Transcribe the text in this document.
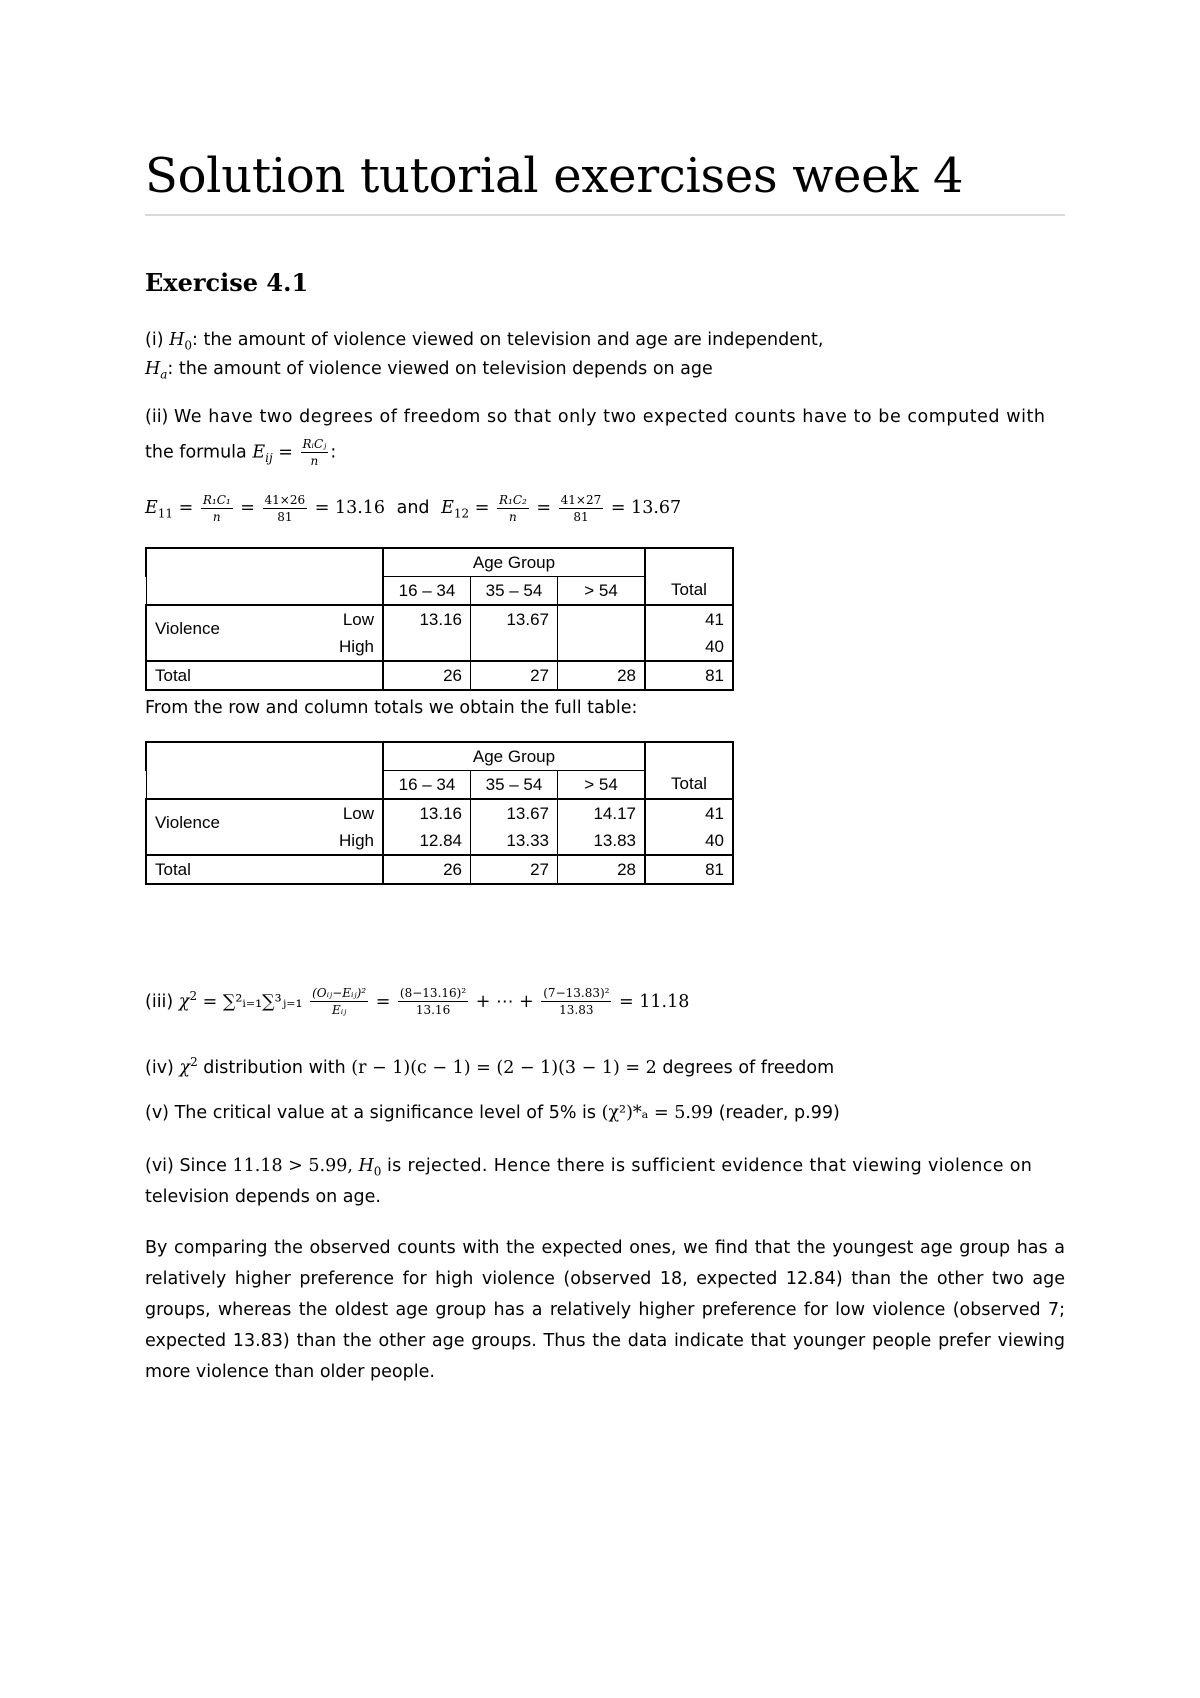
Solution tutorial exercises week 4
Exercise 4.1
(i) $H_0$: the amount of violence viewed on television and age are independent,
$H_a$: the amount of violence viewed on television depends on age
(ii) We have two degrees of freedom so that only two expected counts have to be computed with
the formula $E_{ij} = \frac{\text{RᵢCⱼ}}{n}$ :
$E_{11} = \frac{\text{R₁C₁}}{n} = \frac{41\times 26}{81} = 13.16$ and $E_{12} = \frac{\text{R₁C₂}}{n} = \frac{41\times 27}{81} = 13.67$
		Age Group			
		16 – 34	35 – 54	> 54	Total
	Low	13.16	13.67		41

Violence	High				40
Total		26	27	28	81
From the row and column totals we obtain the full table:
		Age Group			
		16 – 34	35 – 54	> 54	Total
	Low	13.16	13.67	14.17	41

Violence	High	12.84	13.33	13.83	40
Total		26	27	28	81
(iii) $\chi^2$ = ∑²ᵢ₌₁∑³ⱼ₌₁ $\frac{\text{(Oᵢⱼ−Eᵢⱼ)²}}{\text{Eᵢⱼ}} = \frac{\text{(8−13.16)²}}{13.16}$ + ⋯ + $\frac{\text{(7−13.83)²}}{13.83} = 11.18$
(iv) $\chi^2$ distribution with (r − 1)(c − 1) = (2 − 1)(3 − 1) = 2 degrees of freedom
(v) The critical value at a significance level of 5% is (χ²)*ₐ = 5.99 (reader, p.99)
(vi) Since 11.18 > 5.99, $H_0$ is rejected. Hence there is sufficient evidence that viewing violence on
television depends on age.

By comparing the observed counts with the expected ones, we find that the youngest age group has a relatively higher preference for high violence (observed 18, expected 12.84) than the other two age groups, whereas the oldest age group has a relatively higher preference for low violence (observed 7; expected 13.83) than the other age groups. Thus the data indicate that younger people prefer viewing more violence than older people.
